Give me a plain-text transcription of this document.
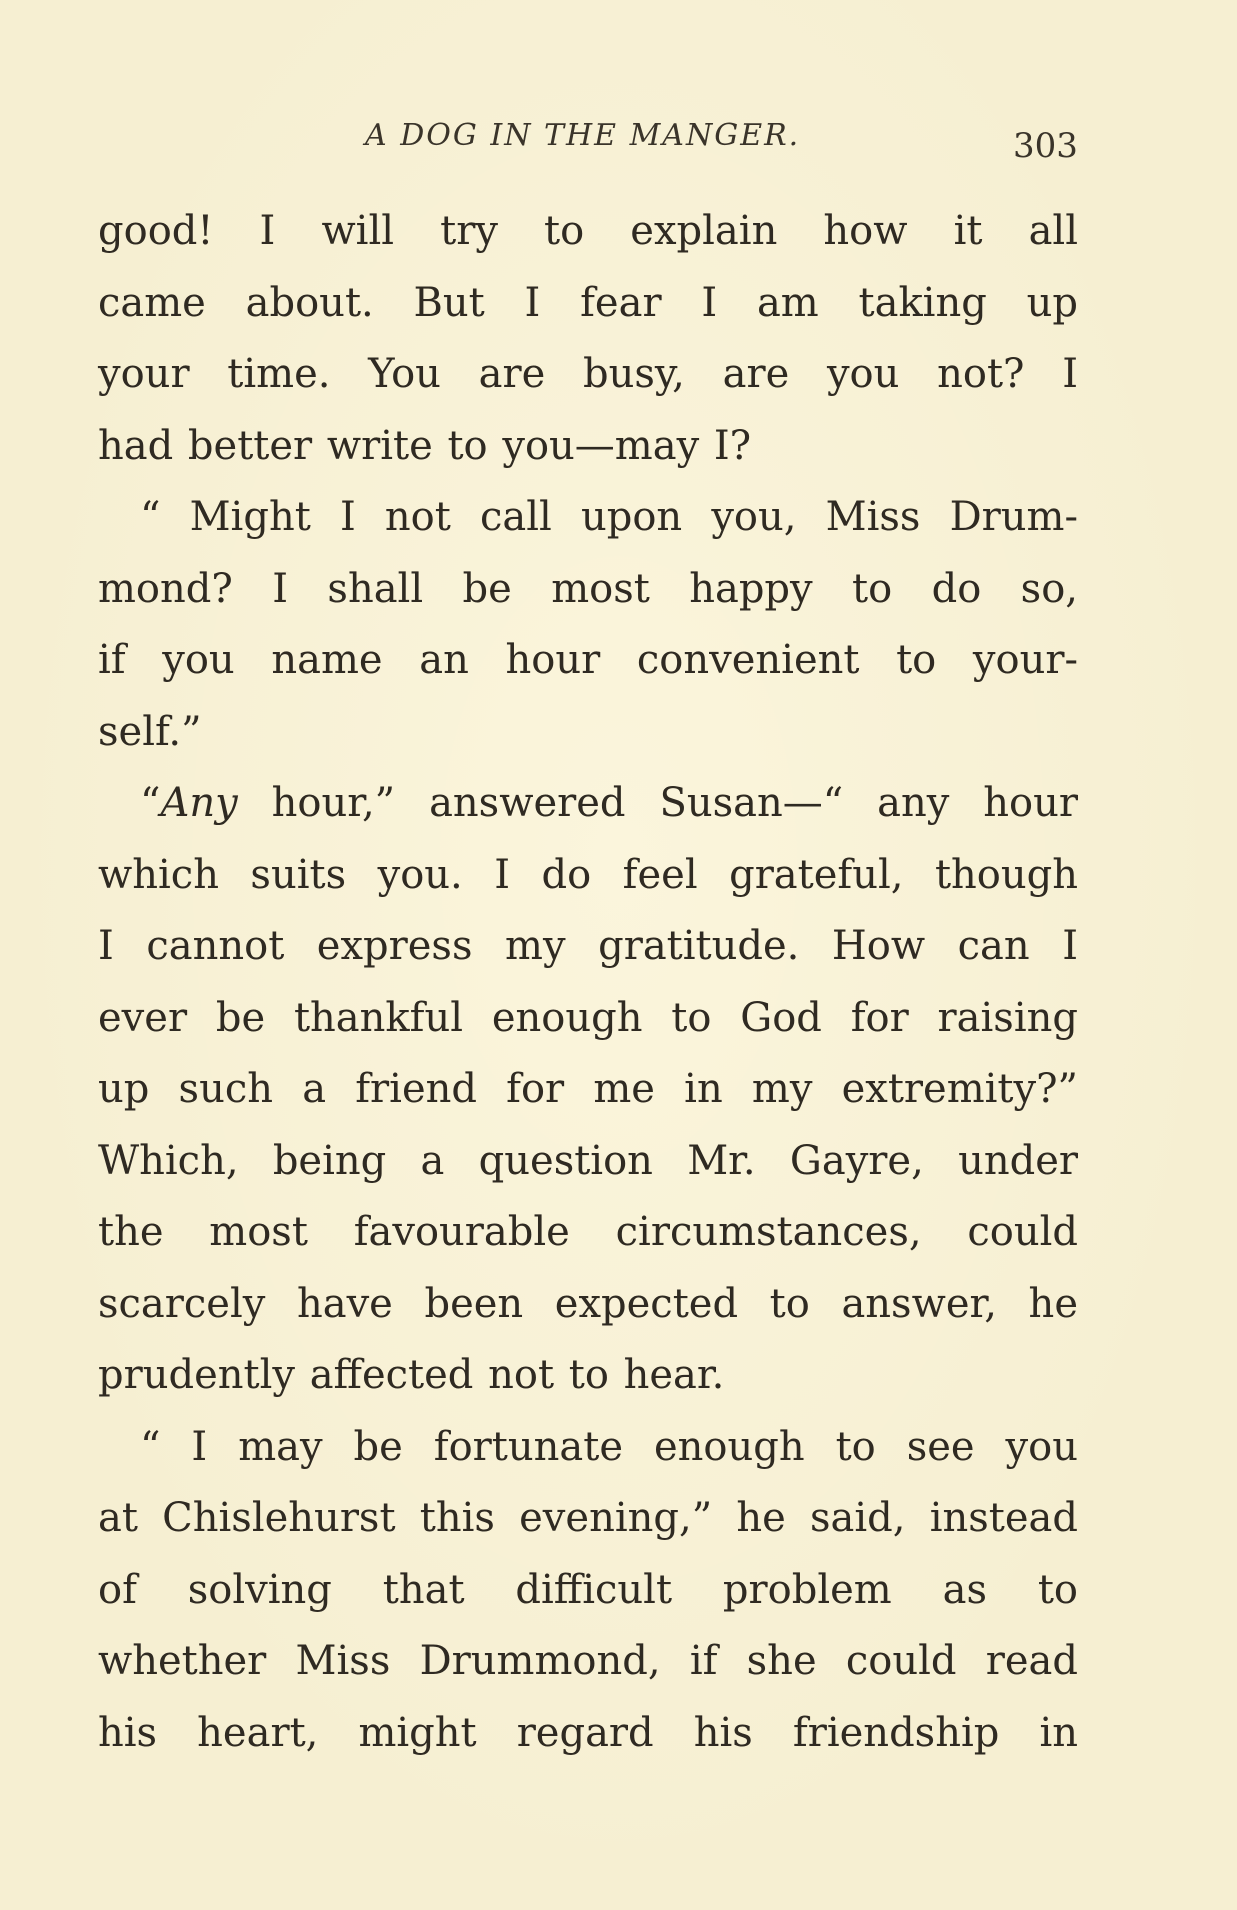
A DOG IN THE MANGER.	303
good! I will try to explain how it all
came about. But I fear I am taking up
your time. You are busy, are you not? I
had better write to you—may I?
“ Might I not call upon you, Miss Drum-
mond? I shall be most happy to do so,
if you name an hour convenient to your-
self.”
“Any hour,” answered Susan—“ any hour
which suits you. I do feel grateful, though
I cannot express my gratitude. How can I
ever be thankful enough to God for raising
up such a friend for me in my extremity?”
Which, being a question Mr. Gayre, under
the most favourable circumstances, could
scarcely have been expected to answer, he
prudently affected not to hear.
“ I may be fortunate enough to see you
at Chislehurst this evening,” he said, instead
of solving that difficult problem as to
whether Miss Drummond, if she could read
his heart, might regard his friendship in
